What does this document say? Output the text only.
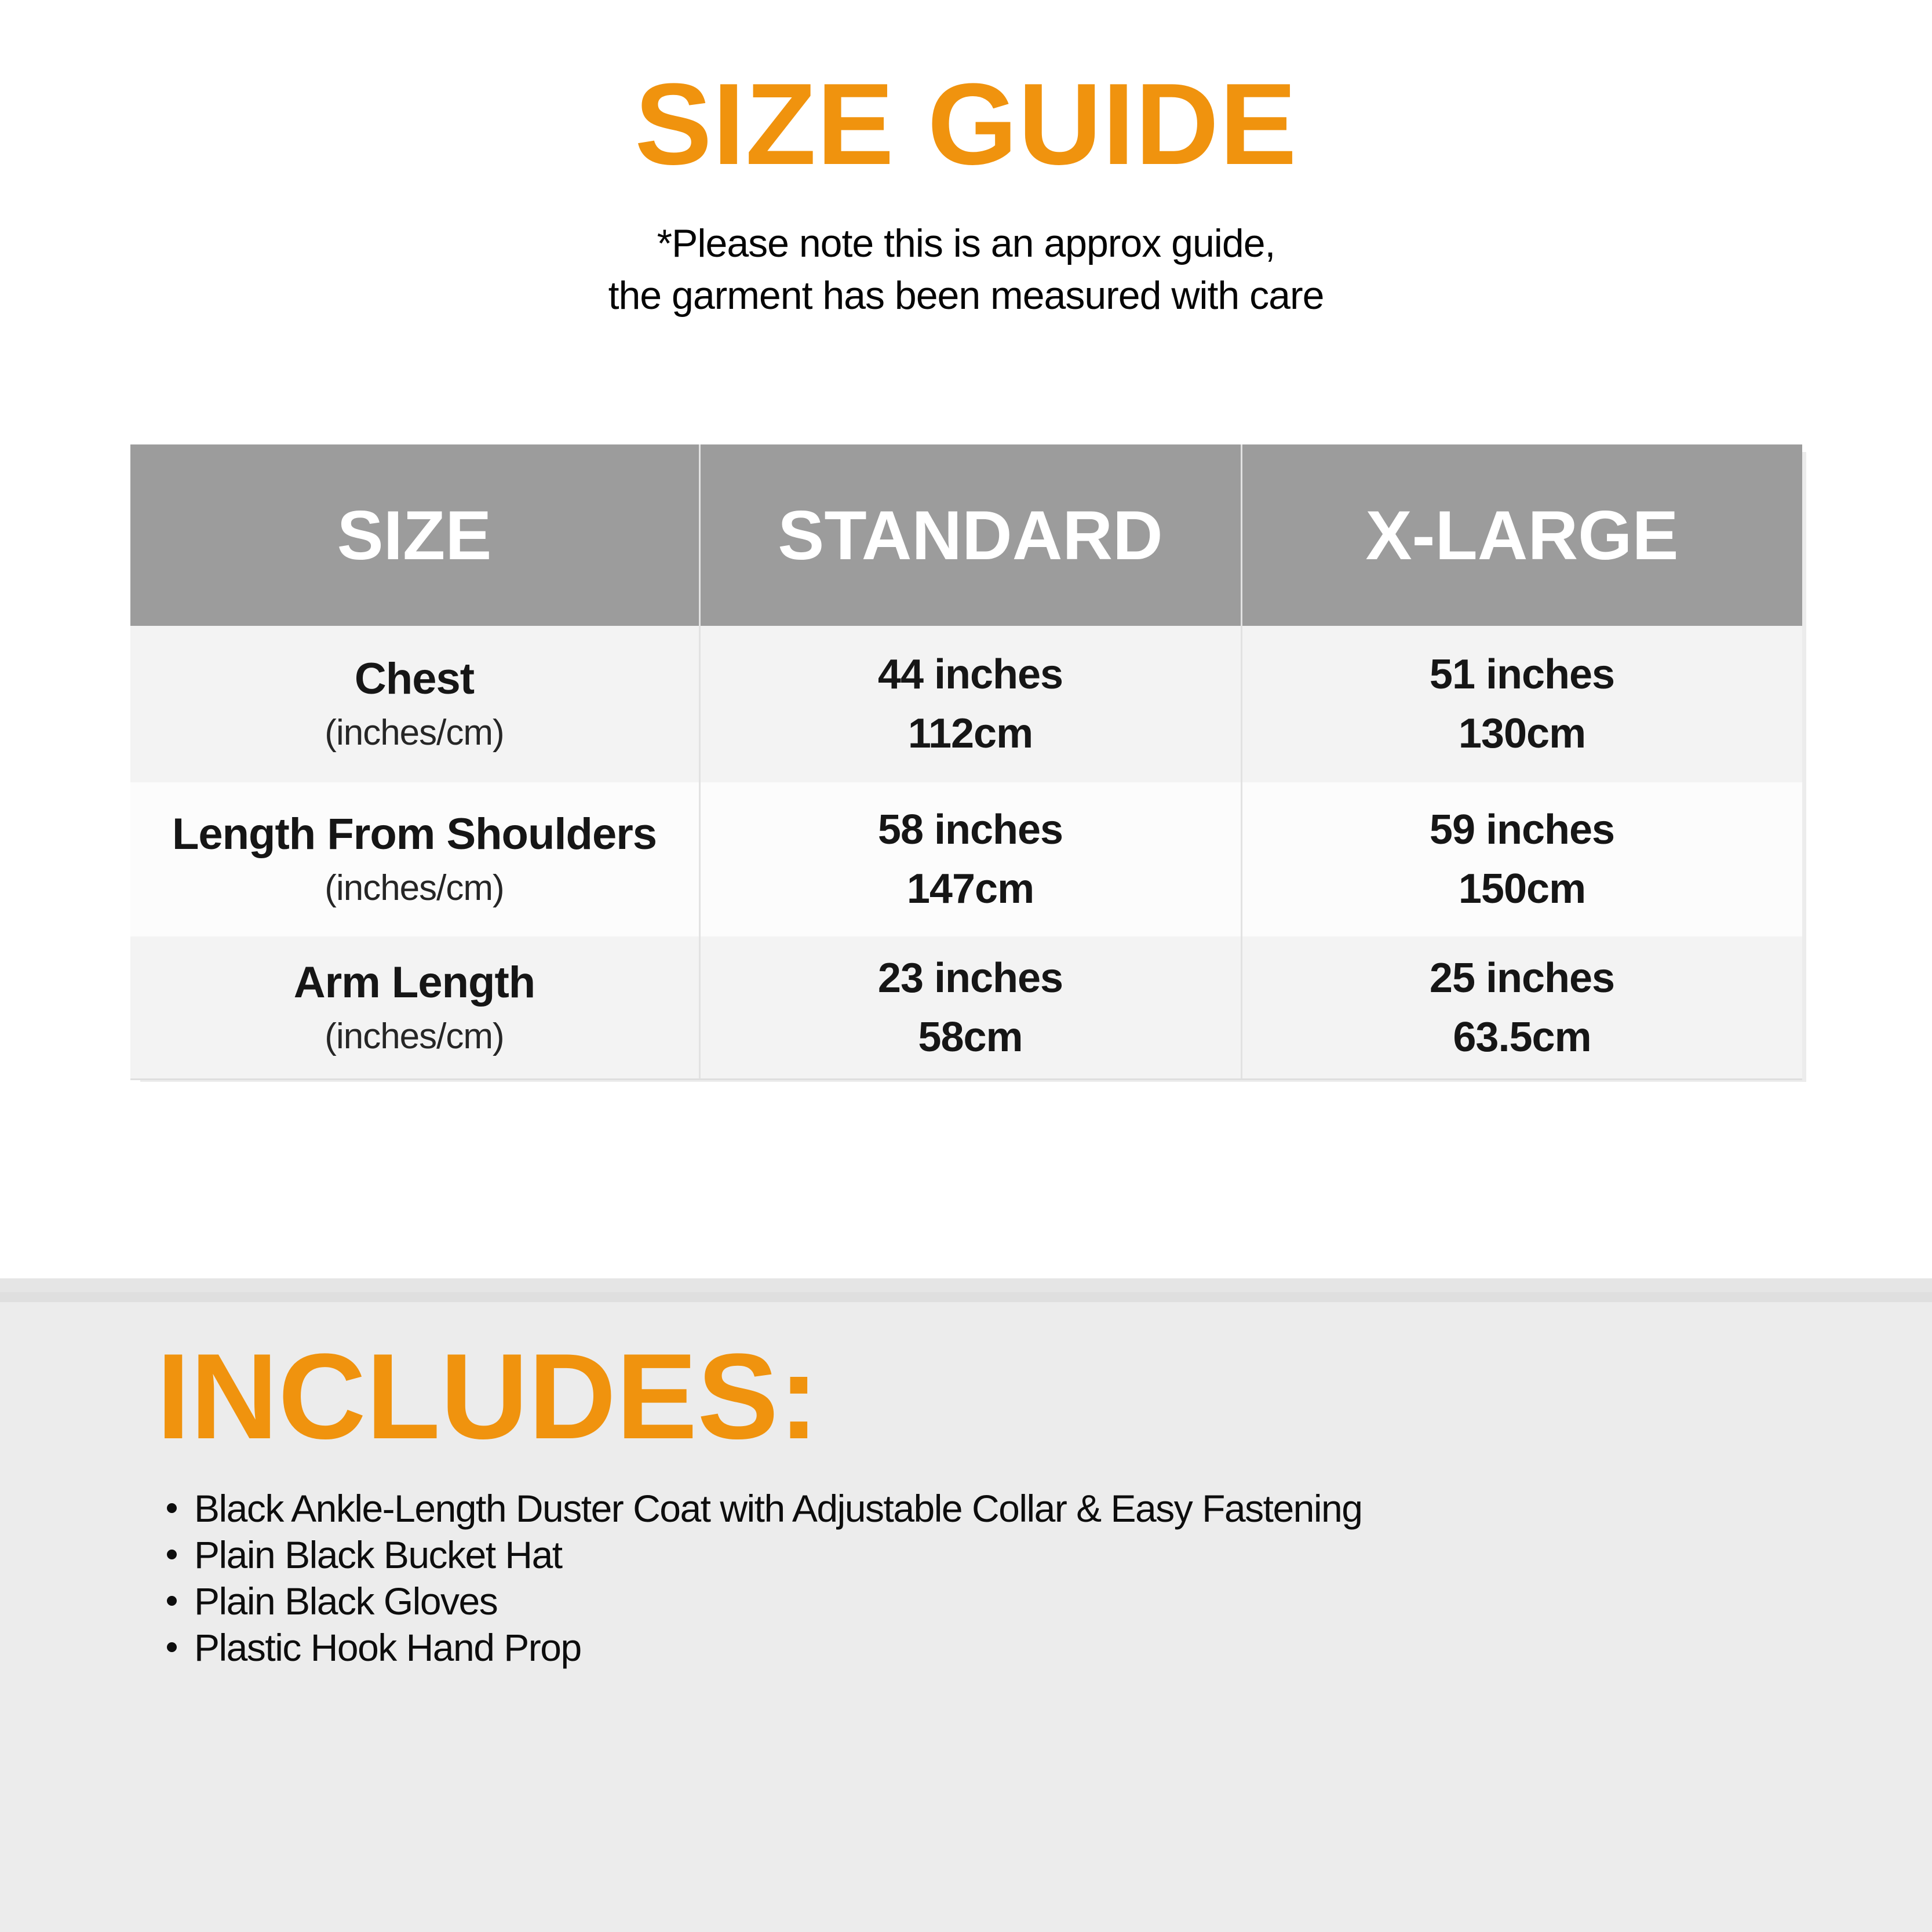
SIZE GUIDE

*Please note this is an approx guide,
the garment has been measured with care

SIZE	STANDARD	X-LARGE
Chest
(inches/cm)
44 inches
112cm
51 inches
130cm
Length From Shoulders
(inches/cm)
58 inches
147cm
59 inches
150cm
Arm Length
(inches/cm)
23 inches
58cm
25 inches
63.5cm
INCLUDES:
Black Ankle-Length Duster Coat with Adjustable Collar & Easy Fastening
Plain Black Bucket Hat
Plain Black Gloves
Plastic Hook Hand Prop
